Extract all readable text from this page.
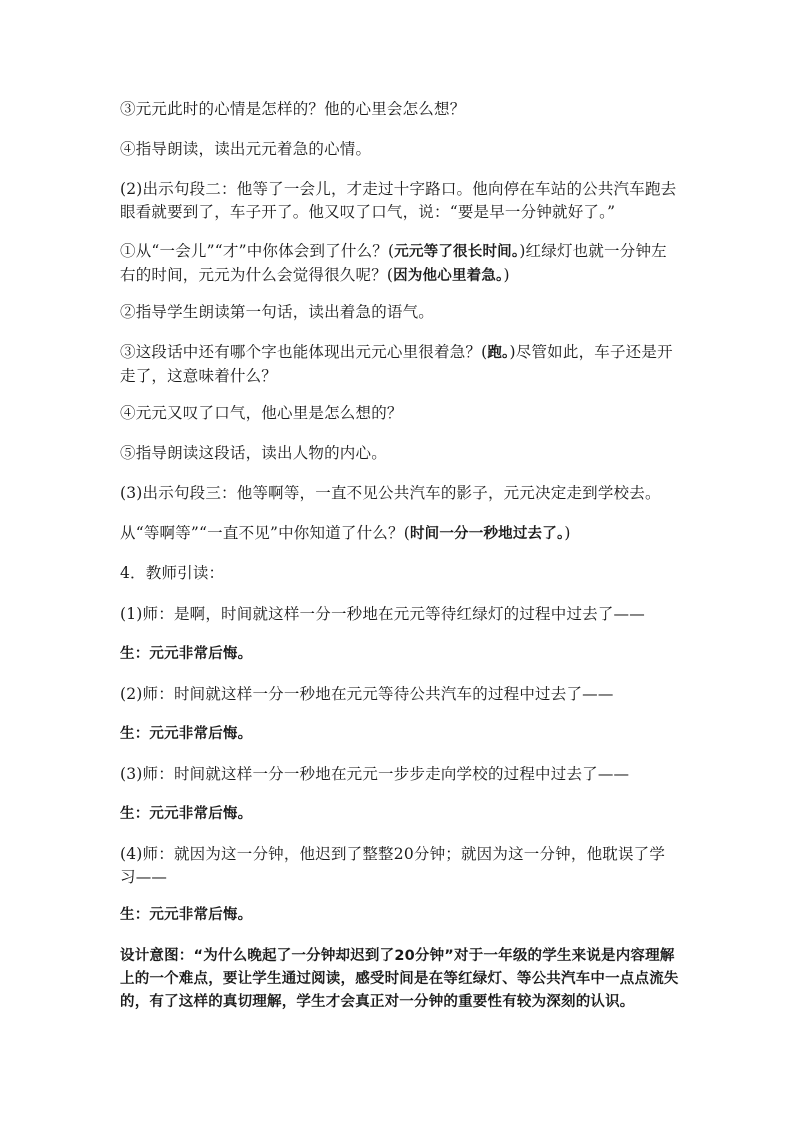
③元元此时的心情是怎样的？他的心里会怎么想？

④指导朗读，读出元元着急的心情。

(2)出示句段二：他等了一会儿，才走过十字路口。他向停在车站的公共汽车跑去眼看就要到了，车子开了。他又叹了口气，说：“要是早一分钟就好了。”

①从“一会儿”“才”中你体会到了什么？(元元等了很长时间。)红绿灯也就一分钟左右的时间，元元为什么会觉得很久呢？(因为他心里着急。)

②指导学生朗读第一句话，读出着急的语气。

③这段话中还有哪个字也能体现出元元心里很着急？(跑。)尽管如此，车子还是开走了，这意味着什么？

④元元又叹了口气，他心里是怎么想的？

⑤指导朗读这段话，读出人物的内心。

(3)出示句段三：他等啊等，一直不见公共汽车的影子，元元决定走到学校去。

从“等啊等”“一直不见”中你知道了什么？(时间一分一秒地过去了。)

4．教师引读：

(1)师：是啊，时间就这样一分一秒地在元元等待红绿灯的过程中过去了——

生：元元非常后悔。

(2)师：时间就这样一分一秒地在元元等待公共汽车的过程中过去了——

生：元元非常后悔。

(3)师：时间就这样一分一秒地在元元一步步走向学校的过程中过去了——

生：元元非常后悔。

(4)师：就因为这一分钟，他迟到了整整20分钟；就因为这一分钟，他耽误了学习——

生：元元非常后悔。

设计意图：“为什么晚起了一分钟却迟到了20分钟”对于一年级的学生来说是内容理解上的一个难点，要让学生通过阅读，感受时间是在等红绿灯、等公共汽车中一点点流失的，有了这样的真切理解，学生才会真正对一分钟的重要性有较为深刻的认识。
